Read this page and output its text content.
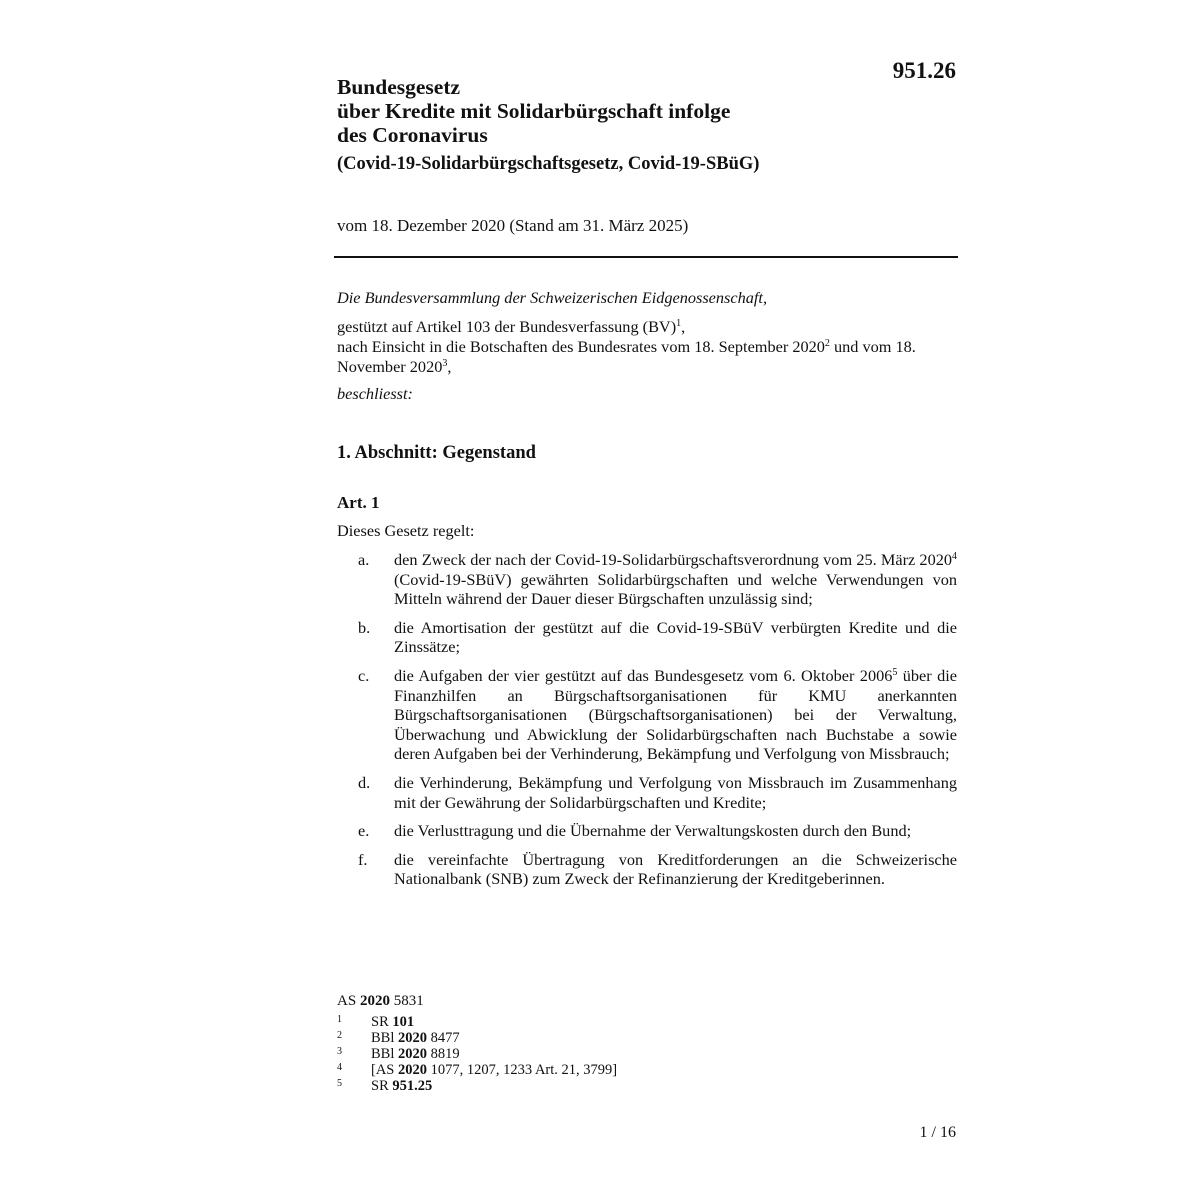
951.26
Bundesgesetz
über Kredite mit Solidarbürgschaft infolge
des Coronavirus
(Covid-19-Solidarbürgschaftsgesetz, Covid-19-SBüG)
vom 18. Dezember 2020 (Stand am 31. März 2025)

Die Bundesversammlung der Schweizerischen Eidgenossenschaft,

gestützt auf Artikel 103 der Bundesverfassung (BV)$^1$,

nach Einsicht in die Botschaften des Bundesrates vom 18. September 2020$^2$ und vom 18. November 2020$^3$,

beschliesst:

1. Abschnitt: Gegenstand
Art. 1
Dieses Gesetz regelt:
a.	den Zweck der nach der Covid-19-Solidarbürgschaftsverordnung vom 25. März 2020$^4$ (Covid-19-SBüV) gewährten Solidarbürgschaften und welche Verwendungen von Mitteln während der Dauer dieser Bürgschaften unzulässig sind;
b.	die Amortisation der gestützt auf die Covid-19-SBüV verbürgten Kredite und die Zinssätze;
c.	die Aufgaben der vier gestützt auf das Bundesgesetz vom 6. Oktober 2006$^5$ über die Finanzhilfen an Bürgschaftsorganisationen für KMU anerkannten Bürgschaftsorganisationen (Bürgschaftsorganisationen) bei der Verwaltung, Überwachung und Abwicklung der Solidarbürgschaften nach Buchstabe a sowie deren Aufgaben bei der Verhinderung, Bekämpfung und Verfolgung von Missbrauch;
d.	die Verhinderung, Bekämpfung und Verfolgung von Missbrauch im Zusammenhang mit der Gewährung der Solidarbürgschaften und Kredite;
e.	die Verlusttragung und die Übernahme der Verwaltungskosten durch den Bund;
f.	die vereinfachte Übertragung von Kreditforderungen an die Schweizerische Nationalbank (SNB) zum Zweck der Refinanzierung der Kreditgeberinnen.
AS 2020 5831
1	SR 101
2	BBl 2020 8477
3	BBl 2020 8819
4	[AS 2020 1077, 1207, 1233 Art. 21, 3799]
5	SR 951.25
1 / 16
